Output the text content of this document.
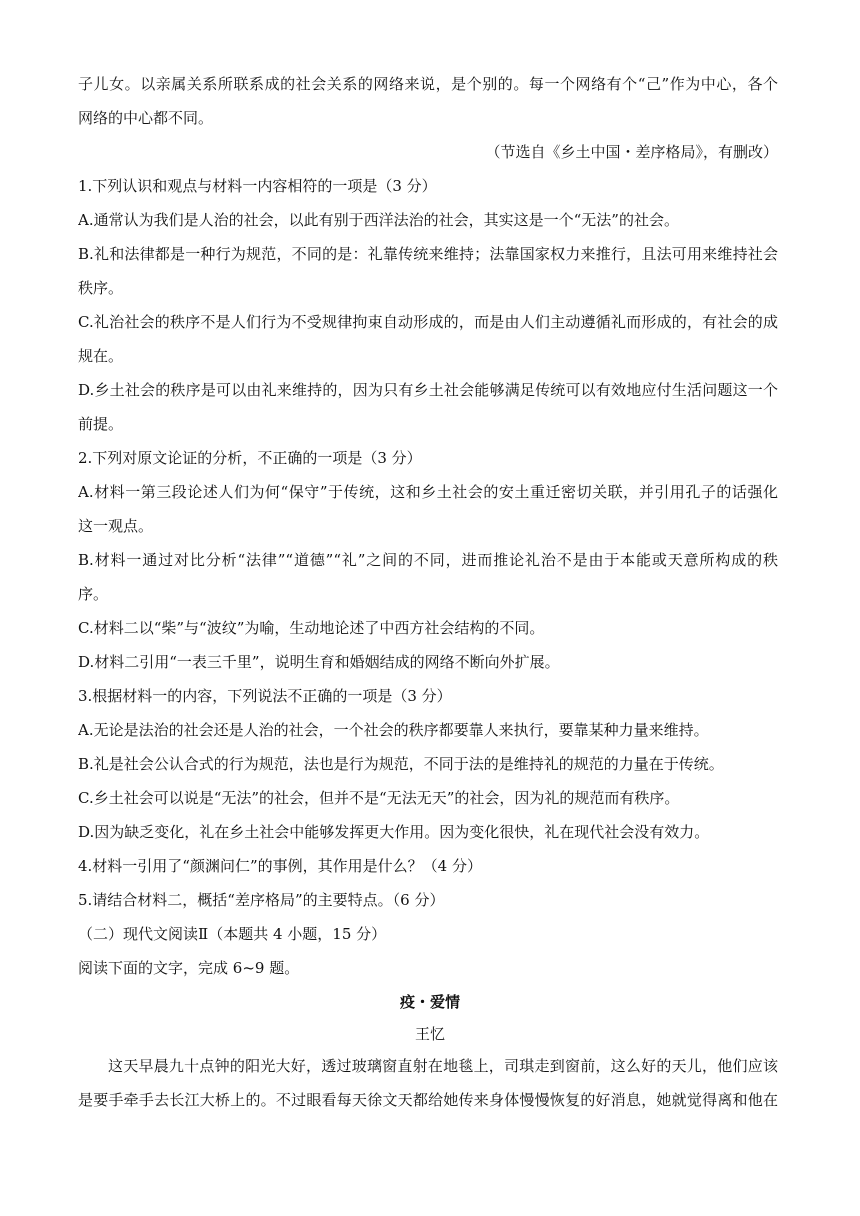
子儿女。以亲属关系所联系成的社会关系的网络来说，是个别的。每一个网络有个“己”作为中心，各个
网络的中心都不同。
（节选自《乡土中国・差序格局》，有删改）
1.下列认识和观点与材料一内容相符的一项是（3 分）
A.通常认为我们是人治的社会，以此有别于西洋法治的社会，其实这是一个“无法”的社会。
B.礼和法律都是一种行为规范，不同的是：礼靠传统来维持；法靠国家权力来推行，且法可用来维持社会
秩序。
C.礼治社会的秩序不是人们行为不受规律拘束自动形成的，而是由人们主动遵循礼而形成的，有社会的成
规在。
D.乡土社会的秩序是可以由礼来维持的，因为只有乡土社会能够满足传统可以有效地应付生活问题这一个
前提。
2.下列对原文论证的分析，不正确的一项是（3 分）
A.材料一第三段论述人们为何“保守”于传统，这和乡土社会的安土重迁密切关联，并引用孔子的话强化
这一观点。
B.材料一通过对比分析“法律”“道德”“礼”之间的不同，进而推论礼治不是由于本能或天意所构成的秩
序。
C.材料二以“柴”与“波纹”为喻，生动地论述了中西方社会结构的不同。
D.材料二引用“一表三千里”，说明生育和婚姻结成的网络不断向外扩展。
3.根据材料一的内容，下列说法不正确的一项是（3 分）
A.无论是法治的社会还是人治的社会，一个社会的秩序都要靠人来执行，要靠某种力量来维持。
B.礼是社会公认合式的行为规范，法也是行为规范，不同于法的是维持礼的规范的力量在于传统。
C.乡土社会可以说是“无法”的社会，但并不是“无法无天”的社会，因为礼的规范而有秩序。
D.因为缺乏变化，礼在乡土社会中能够发挥更大作用。因为变化很快，礼在现代社会没有效力。
4.材料一引用了“颜渊问仁”的事例，其作用是什么？（4 分）
5.请结合材料二，概括“差序格局”的主要特点。（6 分）
（二）现代文阅读Ⅱ（本题共 4 小题，15 分）
阅读下面的文字，完成 6~9 题。
疫・爱情
王忆
这天早晨九十点钟的阳光大好，透过玻璃窗直射在地毯上，司琪走到窗前，这么好的天儿，他们应该
是要手牵手去长江大桥上的。不过眼看每天徐文天都给她传来身体慢慢恢复的好消息，她就觉得离和他在
